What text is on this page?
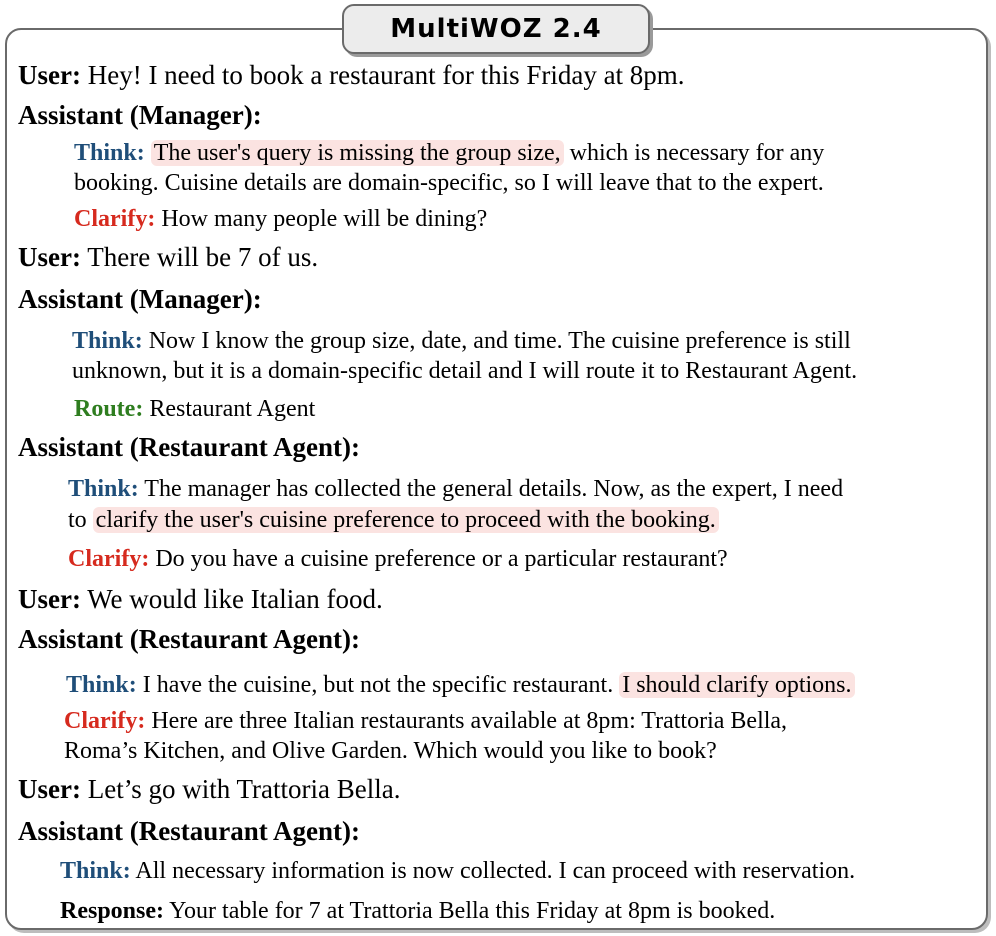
MultiWOZ 2.4
User: Hey! I need to book a restaurant for this Friday at 8pm.
Assistant (Manager):
Think: The user's query is missing the group size, which is necessary for any
booking. Cuisine details are domain-specific, so I will leave that to the expert.
Clarify: How many people will be dining?
User: There will be 7 of us.
Assistant (Manager):
Think: Now I know the group size, date, and time. The cuisine preference is still
unknown, but it is a domain-specific detail and I will route it to Restaurant Agent.
Route: Restaurant Agent
Assistant (Restaurant Agent):
Think: The manager has collected the general details. Now, as the expert, I need
to clarify the user's cuisine preference to proceed with the booking.
Clarify: Do you have a cuisine preference or a particular restaurant?
User: We would like Italian food.
Assistant (Restaurant Agent):
Think: I have the cuisine, but not the specific restaurant. I should clarify options.
Clarify: Here are three Italian restaurants available at 8pm: Trattoria Bella,
Roma’s Kitchen, and Olive Garden. Which would you like to book?
User: Let’s go with Trattoria Bella.
Assistant (Restaurant Agent):
Think: All necessary information is now collected. I can proceed with reservation.
Response: Your table for 7 at Trattoria Bella this Friday at 8pm is booked.
